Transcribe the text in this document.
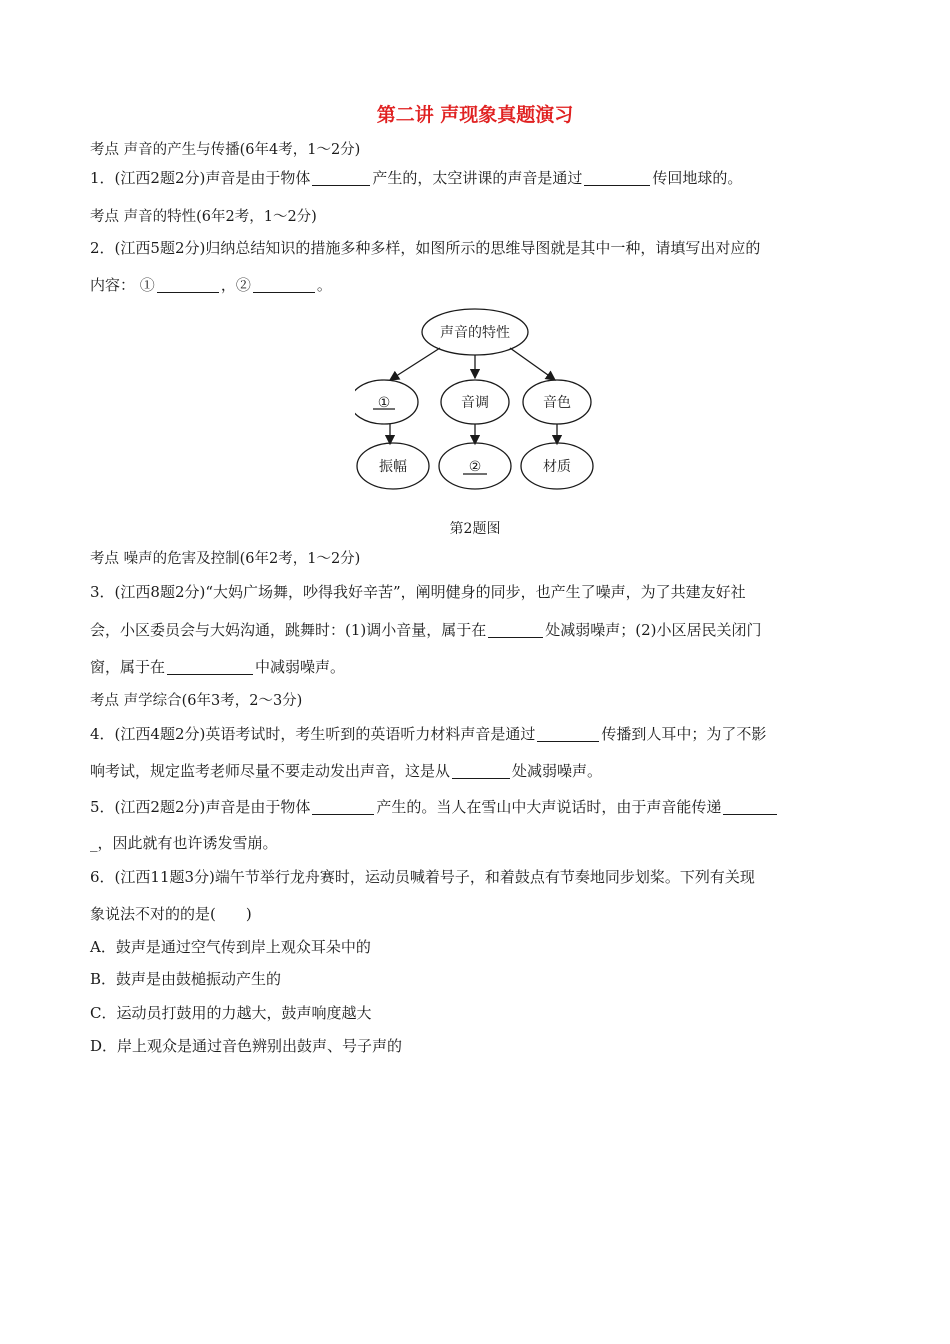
第二讲 声现象真题演习
考点 声音的产生与传播(6年4考，1～2分)
1．(江西2题2分)声音是由于物体	产生的，太空讲课的声音是通过	传回地球的。
考点 声音的特性(6年2考，1～2分)
2．(江西5题2分)归纳总结知识的措施多种多样，如图所示的思维导图就是其中一种，请填写出对应的
内容： ①	，②	。
声音的特性
①	音调	音色
振幅	②	材质
第2题图
考点 噪声的危害及控制(6年2考，1～2分)
3．(江西8题2分)“大妈广场舞，吵得我好辛苦”，阐明健身的同步，也产生了噪声，为了共建友好社
会，小区委员会与大妈沟通，跳舞时：(1)调小音量，属于在	处减弱噪声；(2)小区居民关闭门
窗，属于在	中减弱噪声。
考点 声学综合(6年3考，2～3分)
4．(江西4题2分)英语考试时，考生听到的英语听力材料声音是通过	传播到人耳中；为了不影
响考试，规定监考老师尽量不要走动发出声音，这是从	处减弱噪声。
5．(江西2题2分)声音是由于物体	产生的。当人在雪山中大声说话时，由于声音能传递
_，因此就有也许诱发雪崩。
6．(江西11题3分)端午节举行龙舟赛时，运动员喊着号子，和着鼓点有节奏地同步划桨。下列有关现
象说法不对的的是(　　)
A．鼓声是通过空气传到岸上观众耳朵中的
B．鼓声是由鼓槌振动产生的
C．运动员打鼓用的力越大，鼓声响度越大
D．岸上观众是通过音色辨别出鼓声、号子声的
